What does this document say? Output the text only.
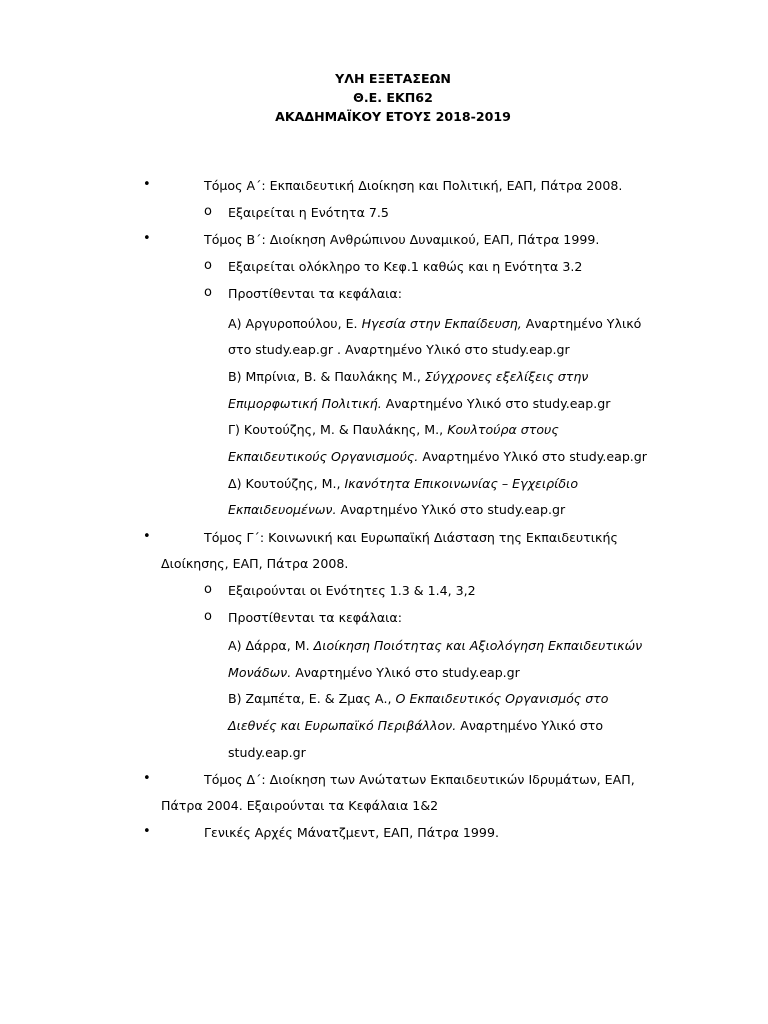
ΥΛΗ ΕΞΕΤΑΣΕΩΝ
Θ.Ε. ΕΚΠ62
ΑΚΑΔΗΜΑΪΚΟΥ ΕΤΟΥΣ 2018-2019
•	Τόμος Α΄: Εκπαιδευτική Διοίκηση και Πολιτική, ΕΑΠ, Πάτρα 2008.
o Εξαιρείται η Ενότητα 7.5
•	Τόμος Β΄: Διοίκηση Ανθρώπινου Δυναμικού, ΕΑΠ, Πάτρα 1999.
o Εξαιρείται ολόκληρο το Κεφ.1 καθώς και η Ενότητα 3.2
o Προστίθενται τα κεφάλαια:
Α) Αργυροπούλου, Ε. Ηγεσία στην Εκπαίδευση, Αναρτημένο Υλικό
στο study.eap.gr . Αναρτημένο Υλικό στο study.eap.gr
Β) Μπρίνια, Β. & Παυλάκης Μ., Σύγχρονες εξελίξεις στην
Επιμορφωτική Πολιτική. Αναρτημένο Υλικό στο study.eap.gr
Γ) Κουτούζης, Μ. & Παυλάκης, Μ., Κουλτούρα στους
Εκπαιδευτικούς Οργανισμούς. Αναρτημένο Υλικό στο study.eap.gr
Δ) Κουτούζης, Μ., Ικανότητα Επικοινωνίας – Εγχειρίδιο
Εκπαιδευομένων. Αναρτημένο Υλικό στο study.eap.gr
•	Τόμος Γ΄: Κοινωνική και Ευρωπαϊκή Διάσταση της Εκπαιδευτικής
Διοίκησης, ΕΑΠ, Πάτρα 2008.
o Εξαιρούνται οι Ενότητες 1.3 & 1.4, 3,2
o Προστίθενται τα κεφάλαια:
Α) Δάρρα, Μ. Διοίκηση Ποιότητας και Αξιολόγηση Εκπαιδευτικών
Μονάδων. Αναρτημένο Υλικό στο study.eap.gr
Β) Ζαμπέτα, Ε. & Ζμας Α., Ο Εκπαιδευτικός Οργανισμός στο
Διεθνές και Ευρωπαϊκό Περιβάλλον. Αναρτημένο Υλικό στο
study.eap.gr
•	Τόμος Δ΄: Διοίκηση των Ανώτατων Εκπαιδευτικών Ιδρυμάτων, ΕΑΠ,
Πάτρα 2004. Εξαιρούνται τα Κεφάλαια 1&2
•	Γενικές Αρχές Μάνατζμεντ, ΕΑΠ, Πάτρα 1999.
